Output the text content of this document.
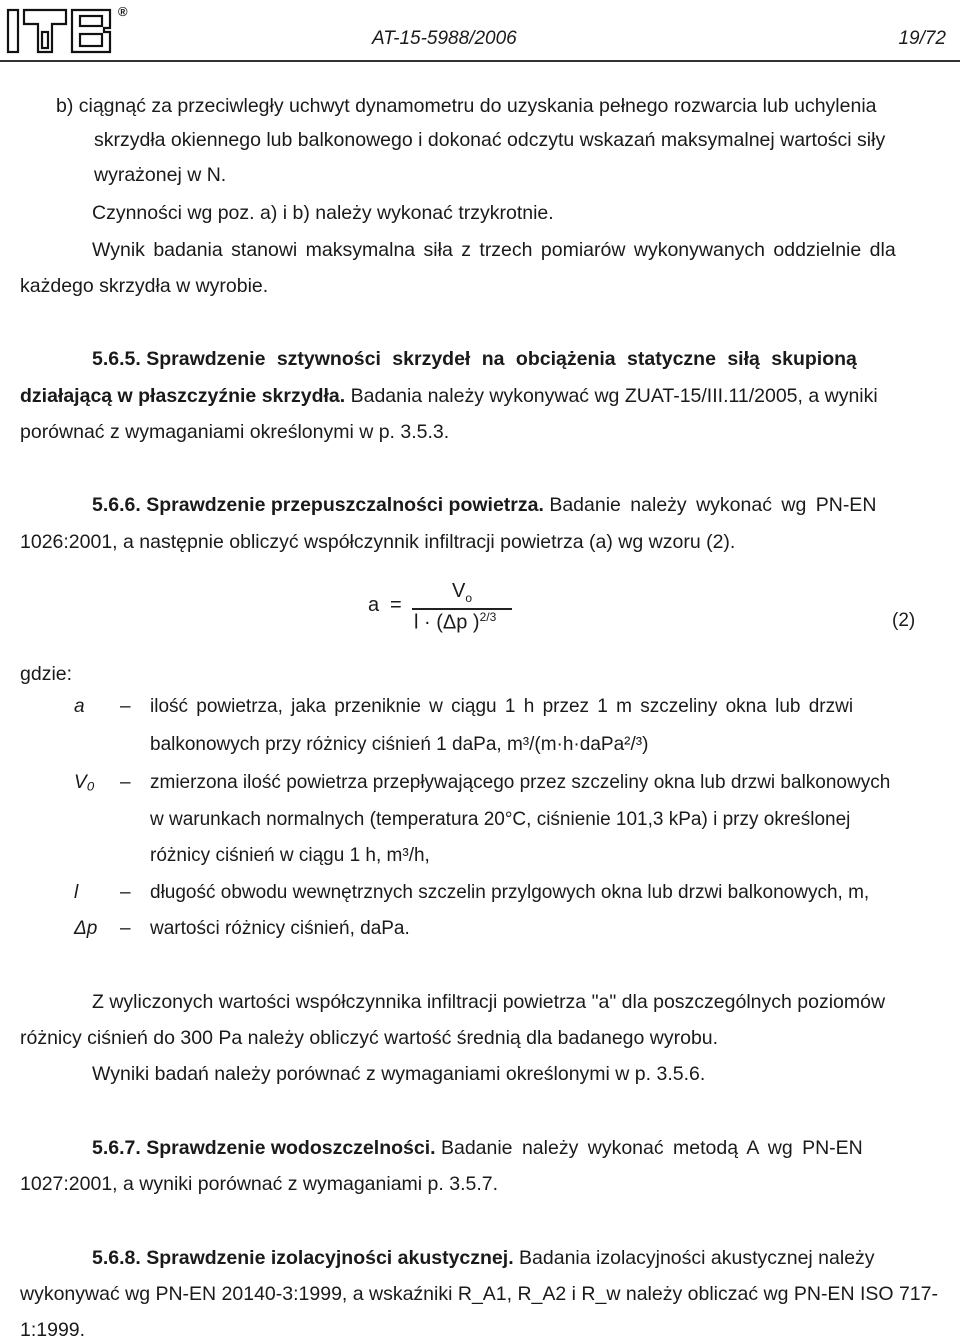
®
AT-15-5988/2006	19/72
b) ciągnąć za przeciwległy uchwyt dynamometru do uzyskania pełnego rozwarcia lub uchylenia
skrzydła okiennego lub balkonowego i dokonać odczytu wskazań maksymalnej wartości siły
wyrażonej w N.
Czynności wg poz. a) i b) należy wykonać trzykrotnie.
Wynik badania stanowi maksymalna siła z trzech pomiarów wykonywanych oddzielnie dla
każdego skrzydła w wyrobie.
5.6.5. Sprawdzenie sztywności skrzydeł na obciążenia statyczne siłą skupioną
działającą w płaszczyźnie skrzydła. Badania należy wykonywać wg ZUAT-15/III.11/2005, a wyniki
porównać z wymaganiami określonymi w p. 3.5.3.
5.6.6. Sprawdzenie przepuszczalności powietrza. Badanie należy wykonać wg PN-EN
1026:2001, a następnie obliczyć współczynnik infiltracji powietrza (a) wg wzoru (2).
a =
$V_o$
l · (Δp )$^{2/3}$	(2)
gdzie:
a – ilość powietrza, jaka przeniknie w ciągu 1 h przez 1 m szczeliny okna lub drzwi
balkonowych przy różnicy ciśnień 1 daPa, m³/(m·h·daPa²/³)
V₀ – zmierzona ilość powietrza przepływającego przez szczeliny okna lub drzwi balkonowych
w warunkach normalnych (temperatura 20°C, ciśnienie 101,3 kPa) i przy określonej
różnicy ciśnień w ciągu 1 h, m³/h,
l – długość obwodu wewnętrznych szczelin przylgowych okna lub drzwi balkonowych, m,
Δp – wartości różnicy ciśnień, daPa.
Z wyliczonych wartości współczynnika infiltracji powietrza "a" dla poszczególnych poziomów
różnicy ciśnień do 300 Pa należy obliczyć wartość średnią dla badanego wyrobu.
Wyniki badań należy porównać z wymaganiami określonymi w p. 3.5.6.
5.6.7. Sprawdzenie wodoszczelności. Badanie należy wykonać metodą A wg PN-EN
1027:2001, a wyniki porównać z wymaganiami p. 3.5.7.
5.6.8. Sprawdzenie izolacyjności akustycznej. Badania izolacyjności akustycznej należy
wykonywać wg PN-EN 20140-3:1999, a wskaźniki R_A1, R_A2 i R_w należy obliczać wg PN-EN ISO 717-
1:1999.
